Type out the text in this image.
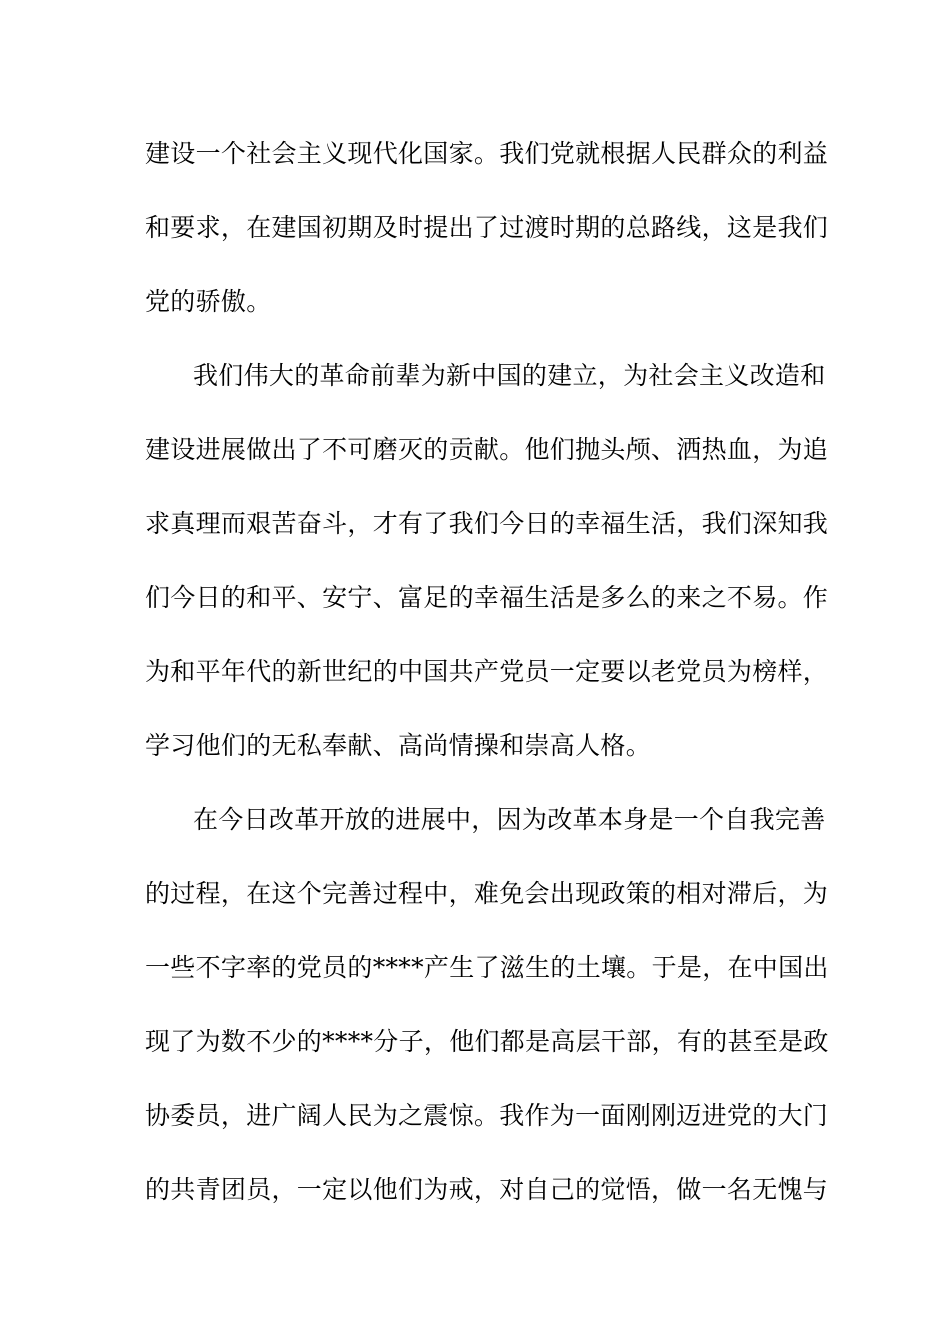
建设一个社会主义现代化国家。我们党就根据人民群众的利益
和要求，在建国初期及时提出了过渡时期的总路线，这是我们
党的骄傲。
我们伟大的革命前辈为新中国的建立，为社会主义改造和
建设进展做出了不可磨灭的贡献。他们抛头颅、洒热血，为追
求真理而艰苦奋斗，才有了我们今日的幸福生活，我们深知我
们今日的和平、安宁、富足的幸福生活是多么的来之不易。作
为和平年代的新世纪的中国共产党员一定要以老党员为榜样，
学习他们的无私奉献、高尚情操和崇高人格。
在今日改革开放的进展中，因为改革本身是一个自我完善
的过程，在这个完善过程中，难免会出现政策的相对滞后，为
一些不字率的党员的****产生了滋生的土壤。于是，在中国出
现了为数不少的****分子，他们都是高层干部，有的甚至是政
协委员，进广阔人民为之震惊。我作为一面刚刚迈进党的大门
的共青团员，一定以他们为戒，对自己的觉悟，做一名无愧与
